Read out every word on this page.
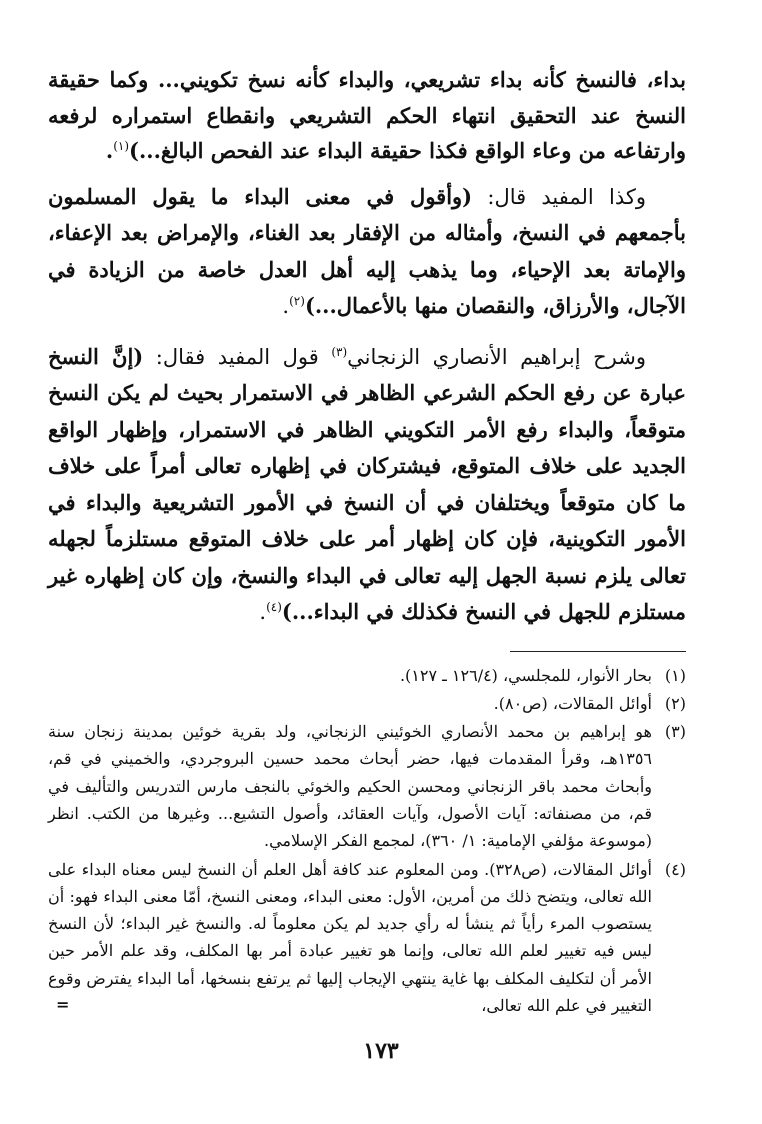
بداء، فالنسخ كأنه بداء تشريعي، والبداء كأنه نسخ تكويني... وكما حقيقة النسخ عند التحقيق انتهاء الحكم التشريعي وانقطاع استمراره لرفعه وارتفاعه من وعاء الواقع فكذا حقيقة البداء عند الفحص البالغ...)$^{(١)}$.

وكذا المفيد قال: (وأقول في معنى البداء ما يقول المسلمون بأجمعهم في النسخ، وأمثاله من الإفقار بعد الغناء، والإمراض بعد الإعفاء، والإماتة بعد الإحياء، وما يذهب إليه أهل العدل خاصة من الزيادة في الآجال، والأرزاق، والنقصان منها بالأعمال...)$^{(٢)}$.

وشرح إبراهيم الأنصاري الزنجاني$^{(٣)}$ قول المفيد فقال: (إنَّ النسخ عبارة عن رفع الحكم الشرعي الظاهر في الاستمرار بحيث لم يكن النسخ متوقعاً، والبداء رفع الأمر التكويني الظاهر في الاستمرار، وإظهار الواقع الجديد على خلاف المتوقع، فيشتركان في إظهاره تعالى أمراً على خلاف ما كان متوقعاً ويختلفان في أن النسخ في الأمور التشريعية والبداء في الأمور التكوينية، فإن كان إظهار أمر على خلاف المتوقع مستلزماً لجهله تعالى يلزم نسبة الجهل إليه تعالى في البداء والنسخ، وإن كان إظهاره غير مستلزم للجهل في النسخ فكذلك في البداء...)$^{(٤)}$.

(١)
بحار الأنوار، للمجلسي، (١٢٦/٤ ـ ١٢٧).
(٢)
أوائل المقالات، (ص٨٠).
(٣)
هو إبراهيم بن محمد الأنصاري الخوئيني الزنجاني، ولد بقرية خوئين بمدينة زنجان سنة ١٣٥٦هـ، وقرأ المقدمات فيها، حضر أبحاث محمد حسين البروجردي، والخميني في قم، وأبحاث محمد باقر الزنجاني ومحسن الحكيم والخوئي بالنجف مارس التدريس والتأليف في قم، من مصنفاته: آيات الأصول، وآيات العقائد، وأصول التشيع... وغيرها من الكتب. انظر (موسوعة مؤلفي الإمامية: ١/ ٣٦٠)، لمجمع الفكر الإسلامي.
(٤)
أوائل المقالات، (ص٣٢٨). ومن المعلوم عند كافة أهل العلم أن النسخ ليس معناه البداء على الله تعالى، ويتضح ذلك من أمرين، الأول: معنى البداء، ومعنى النسخ، أمّا معنى البداء فهو: أن يستصوب المرء رأياً ثم ينشأ له رأي جديد لم يكن معلوماً له. والنسخ غير البداء؛ لأن النسخ ليس فيه تغيير لعلم الله تعالى، وإنما هو تغيير عبادة أمر بها المكلف، وقد علم الأمر حين الأمر أن لتكليف المكلف بها غاية ينتهي الإيجاب إليها ثم يرتفع بنسخها، أما البداء يفترض وقوع التغيير في علم الله تعالى،
=
١٧٣
